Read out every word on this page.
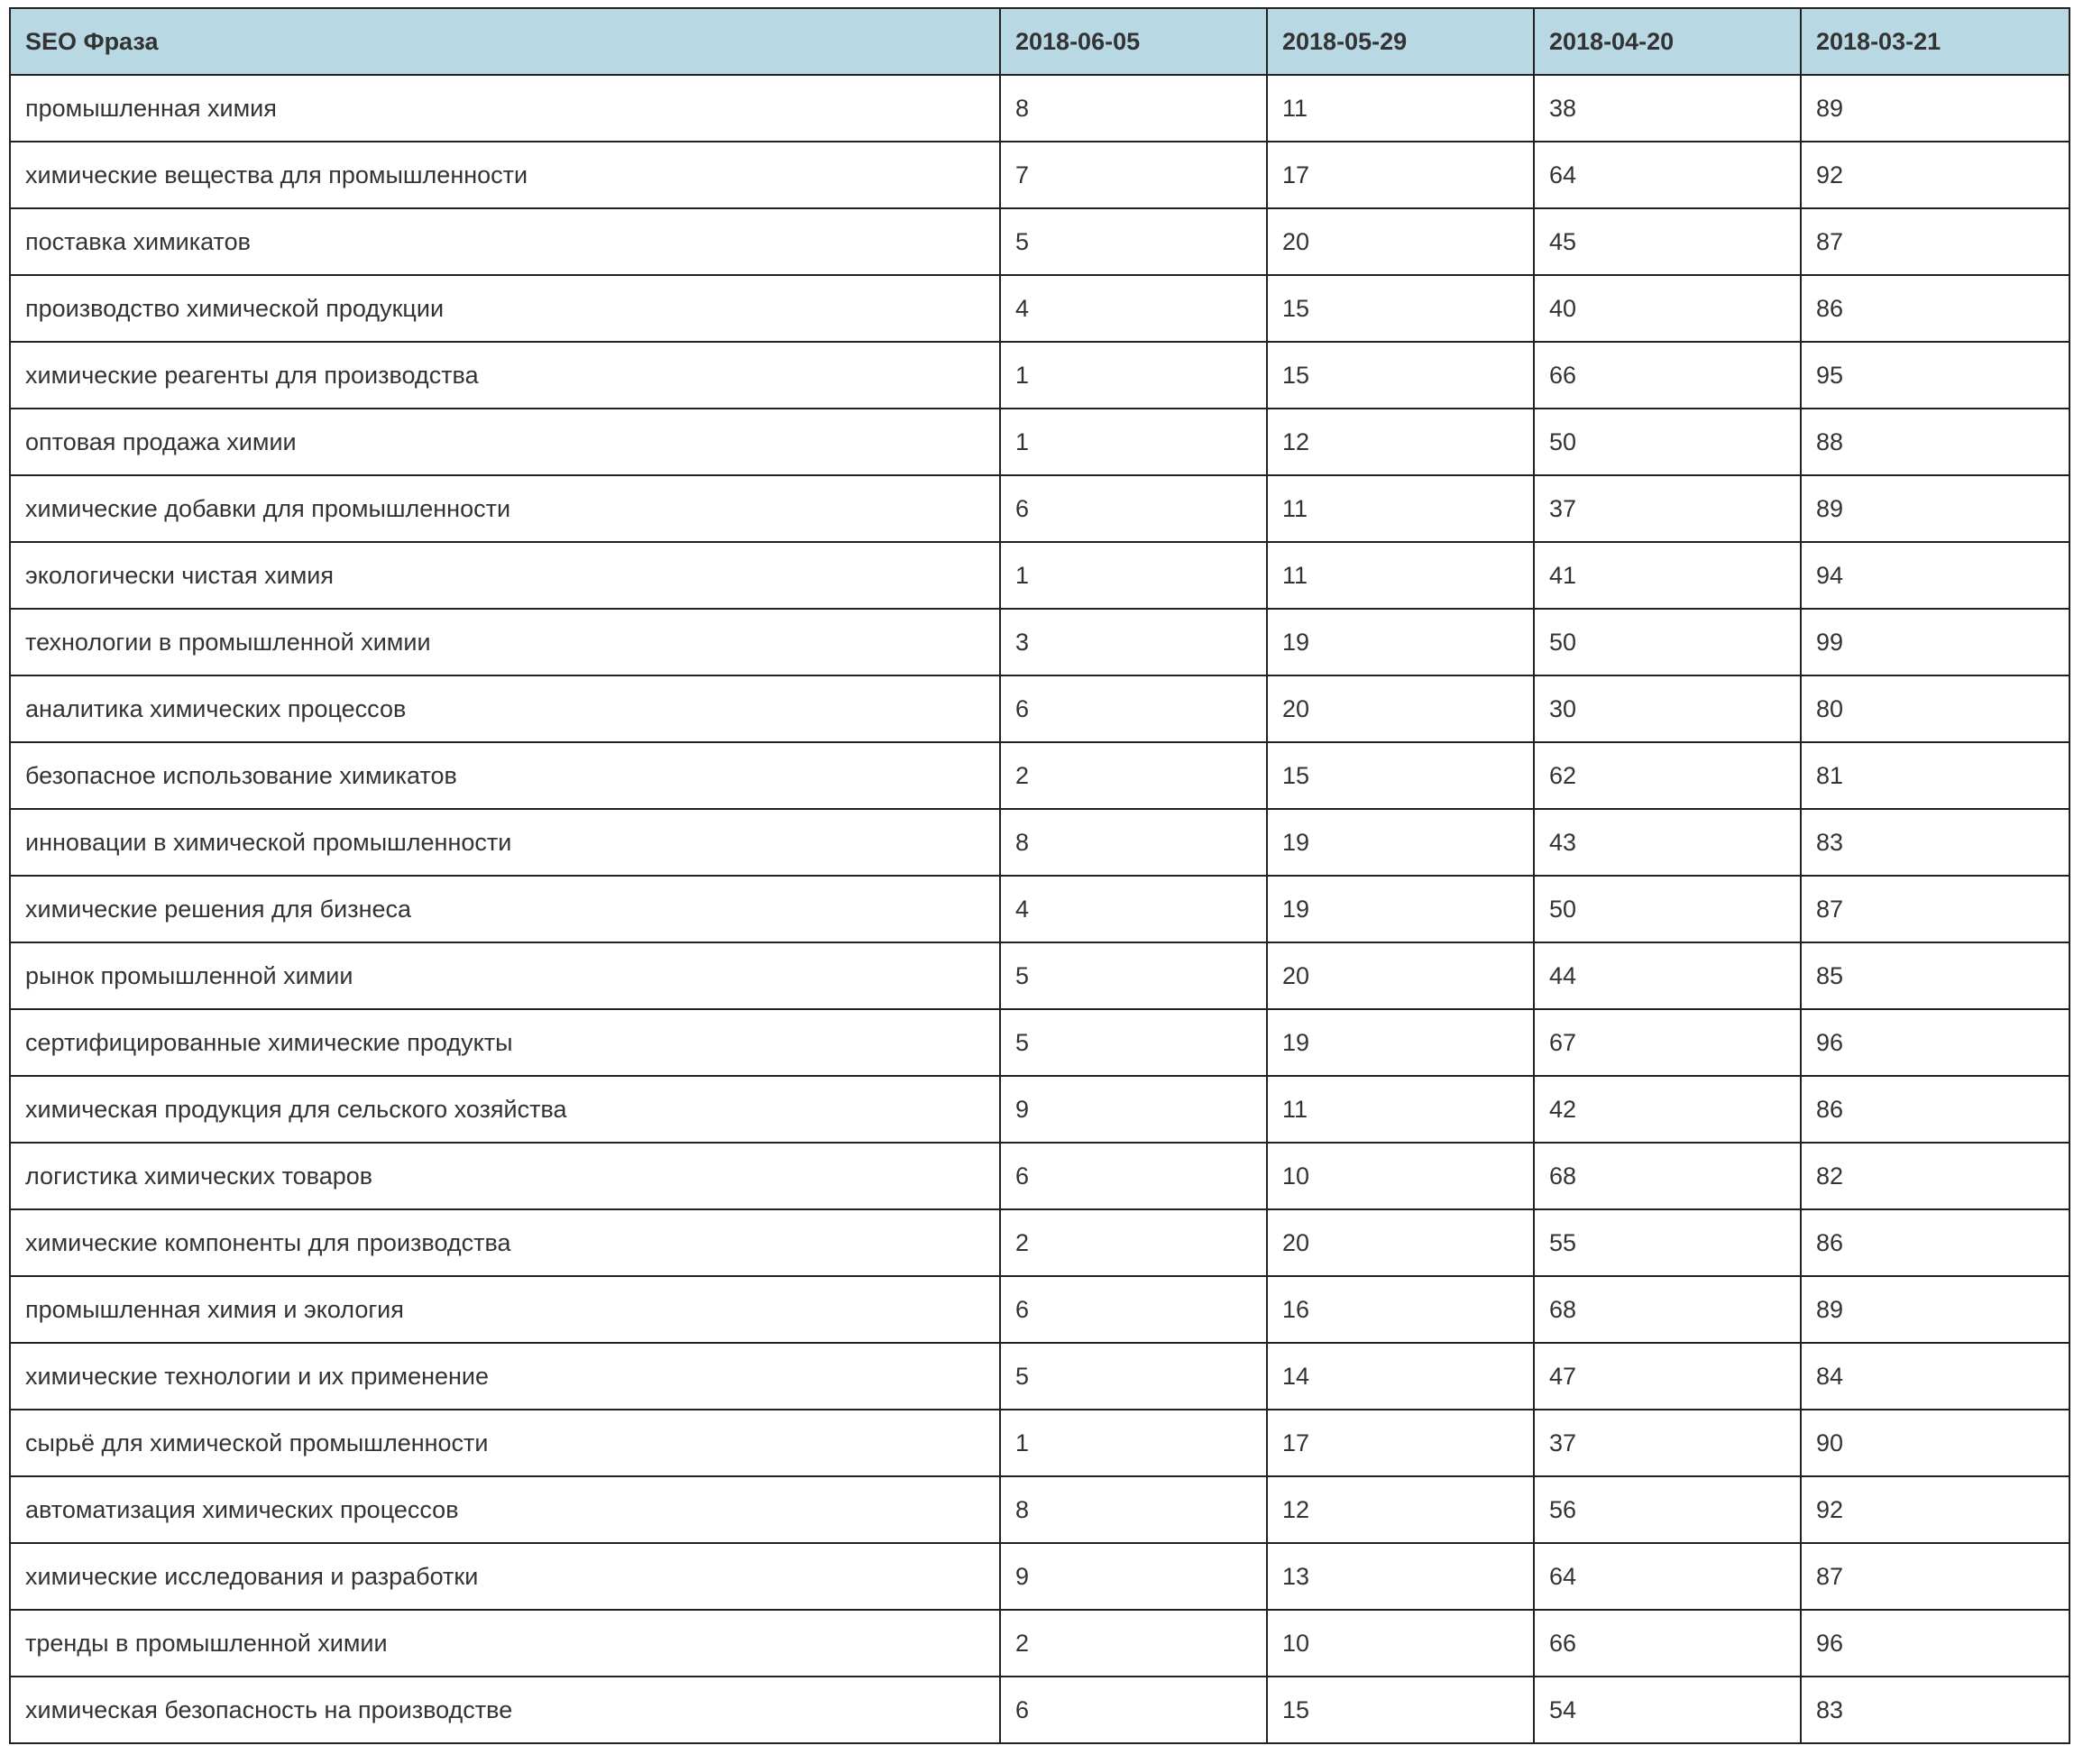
SEO Фраза	2018-06-05	2018-05-29	2018-04-20	2018-03-21
промышленная химия	8	11	38	89
химические вещества для промышленности	7	17	64	92
поставка химикатов	5	20	45	87
производство химической продукции	4	15	40	86
химические реагенты для производства	1	15	66	95
оптовая продажа химии	1	12	50	88
химические добавки для промышленности	6	11	37	89
экологически чистая химия	1	11	41	94
технологии в промышленной химии	3	19	50	99
аналитика химических процессов	6	20	30	80
безопасное использование химикатов	2	15	62	81
инновации в химической промышленности	8	19	43	83
химические решения для бизнеса	4	19	50	87
рынок промышленной химии	5	20	44	85
сертифицированные химические продукты	5	19	67	96
химическая продукция для сельского хозяйства	9	11	42	86
логистика химических товаров	6	10	68	82
химические компоненты для производства	2	20	55	86
промышленная химия и экология	6	16	68	89
химические технологии и их применение	5	14	47	84
сырьё для химической промышленности	1	17	37	90
автоматизация химических процессов	8	12	56	92
химические исследования и разработки	9	13	64	87
тренды в промышленной химии	2	10	66	96
химическая безопасность на производстве	6	15	54	83
